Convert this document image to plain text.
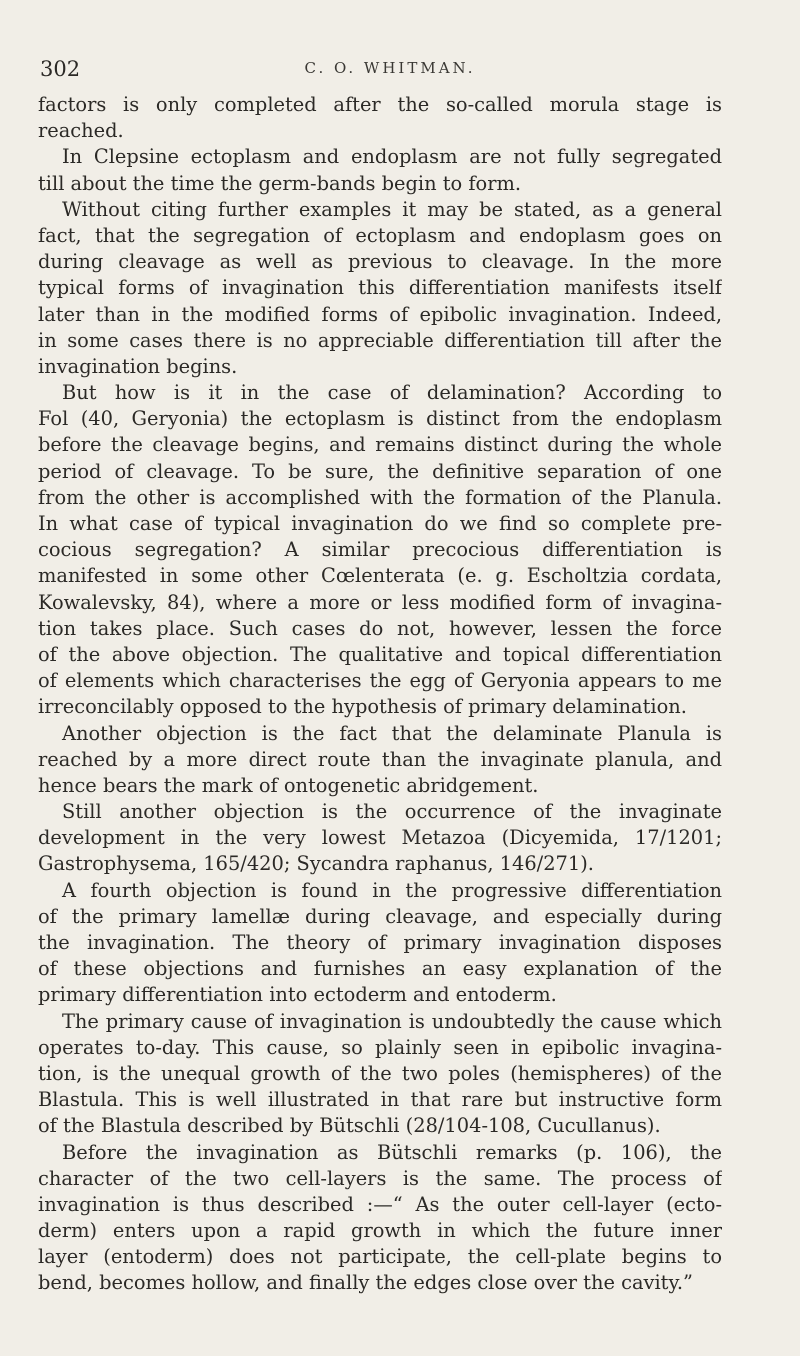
302	C. O. WHITMAN.
factors is only completed after the so-called morula stage is
reached.
In Clepsine ectoplasm and endoplasm are not fully segregated
till about the time the germ-bands begin to form.
Without citing further examples it may be stated, as a general
fact, that the segregation of ectoplasm and endoplasm goes on
during cleavage as well as previous to cleavage. In the more
typical forms of invagination this differentiation manifests itself
later than in the modified forms of epibolic invagination. Indeed,
in some cases there is no appreciable differentiation till after the
invagination begins.
But how is it in the case of delamination? According to
Fol (40, Geryonia) the ectoplasm is distinct from the endoplasm
before the cleavage begins, and remains distinct during the whole
period of cleavage. To be sure, the definitive separation of one
from the other is accomplished with the formation of the Planula.
In what case of typical invagination do we find so complete pre-
cocious segregation? A similar precocious differentiation is
manifested in some other Cœlenterata (e. g. Escholtzia cordata,
Kowalevsky, 84), where a more or less modified form of invagina-
tion takes place. Such cases do not, however, lessen the force
of the above objection. The qualitative and topical differentiation
of elements which characterises the egg of Geryonia appears to me
irreconcilably opposed to the hypothesis of primary delamination.
Another objection is the fact that the delaminate Planula is
reached by a more direct route than the invaginate planula, and
hence bears the mark of ontogenetic abridgement.
Still another objection is the occurrence of the invaginate
development in the very lowest Metazoa (Dicyemida, 17/1201;
Gastrophysema, 165/420; Sycandra raphanus, 146/271).
A fourth objection is found in the progressive differentiation
of the primary lamellæ during cleavage, and especially during
the invagination. The theory of primary invagination disposes
of these objections and furnishes an easy explanation of the
primary differentiation into ectoderm and entoderm.
The primary cause of invagination is undoubtedly the cause which
operates to-day. This cause, so plainly seen in epibolic invagina-
tion, is the unequal growth of the two poles (hemispheres) of the
Blastula. This is well illustrated in that rare but instructive form
of the Blastula described by Bütschli (28/104-108, Cucullanus).
Before the invagination as Bütschli remarks (p. 106), the
character of the two cell-layers is the same. The process of
invagination is thus described :—“ As the outer cell-layer (ecto-
derm) enters upon a rapid growth in which the future inner
layer (entoderm) does not participate, the cell-plate begins to
bend, becomes hollow, and finally the edges close over the cavity.”
